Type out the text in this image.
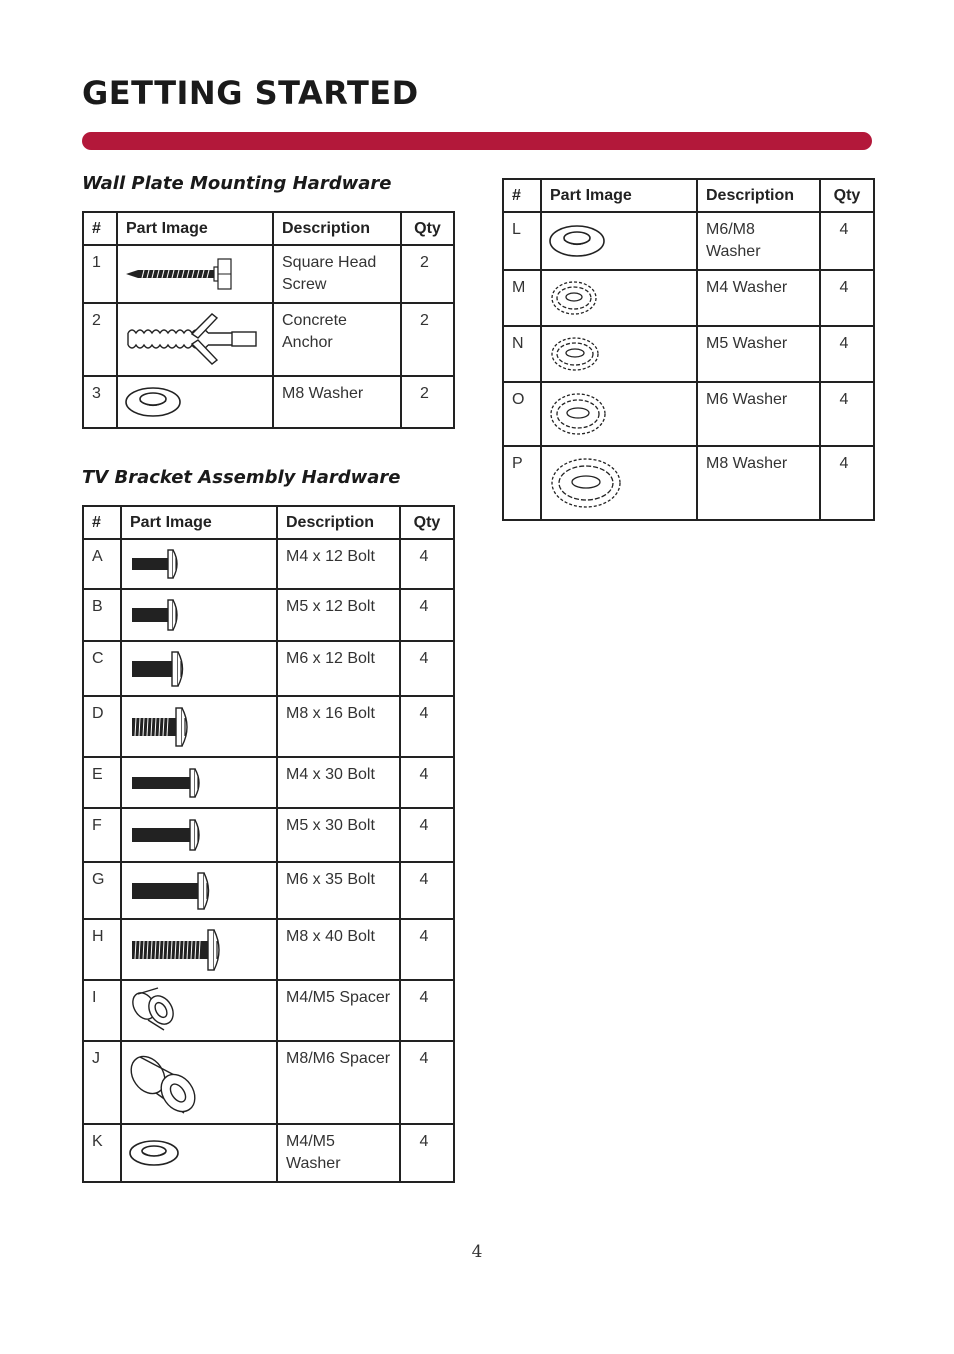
GETTING STARTED
Wall Plate Mounting Hardware
#	Part Image	Description	Qty
1		Square Head Screw	2
2		Concrete Anchor	2
3		M8 Washer	2
TV Bracket Assembly Hardware
#	Part Image	Description	Qty
A		M4 x 12 Bolt	4
B		M5 x 12 Bolt	4
C		M6 x 12 Bolt	4
D		M8 x 16 Bolt	4
E		M4 x 30 Bolt	4
F		M5 x 30 Bolt	4
G		M6 x 35 Bolt	4
H		M8 x 40 Bolt	4
I		M4/M5 Spacer	4
J		M8/M6 Spacer	4
K		M4/M5 Washer	4
#	Part Image	Description	Qty
L		M6/M8 Washer	4
M		M4 Washer	4
N		M5 Washer	4
O		M6 Washer	4
P		M8 Washer	4
4
